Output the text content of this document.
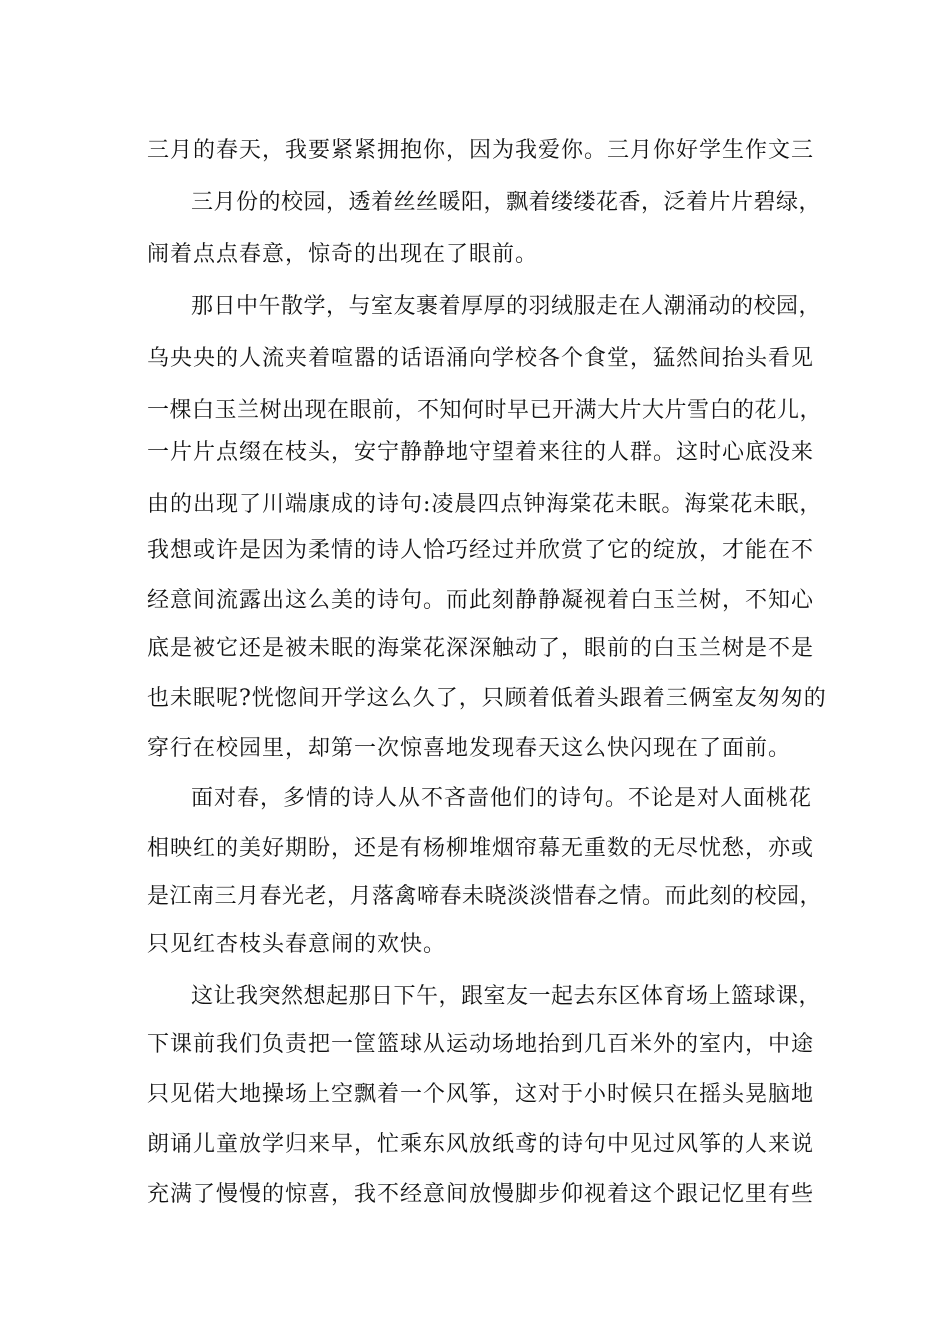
三月的春天，我要紧紧拥抱你，因为我爱你。三月你好学生作文三
三月份的校园，透着丝丝暖阳，飘着缕缕花香，泛着片片碧绿，
闹着点点春意，惊奇的出现在了眼前。
那日中午散学，与室友裹着厚厚的羽绒服走在人潮涌动的校园，
乌央央的人流夹着喧嚣的话语涌向学校各个食堂，猛然间抬头看见
一棵白玉兰树出现在眼前，不知何时早已开满大片大片雪白的花儿，
一片片点缀在枝头，安宁静静地守望着来往的人群。这时心底没来
由的出现了川端康成的诗句:凌晨四点钟海棠花未眠。海棠花未眠，
我想或许是因为柔情的诗人恰巧经过并欣赏了它的绽放，才能在不
经意间流露出这么美的诗句。而此刻静静凝视着白玉兰树，不知心
底是被它还是被未眠的海棠花深深触动了，眼前的白玉兰树是不是
也未眠呢?恍惚间开学这么久了，只顾着低着头跟着三俩室友匆匆的
穿行在校园里，却第一次惊喜地发现春天这么快闪现在了面前。
面对春，多情的诗人从不吝啬他们的诗句。不论是对人面桃花
相映红的美好期盼，还是有杨柳堆烟帘幕无重数的无尽忧愁，亦或
是江南三月春光老，月落禽啼春未晓淡淡惜春之情。而此刻的校园，
只见红杏枝头春意闹的欢快。
这让我突然想起那日下午，跟室友一起去东区体育场上篮球课，
下课前我们负责把一筐篮球从运动场地抬到几百米外的室内，中途
只见偌大地操场上空飘着一个风筝，这对于小时候只在摇头晃脑地
朗诵儿童放学归来早，忙乘东风放纸鸢的诗句中见过风筝的人来说
充满了慢慢的惊喜，我不经意间放慢脚步仰视着这个跟记忆里有些
